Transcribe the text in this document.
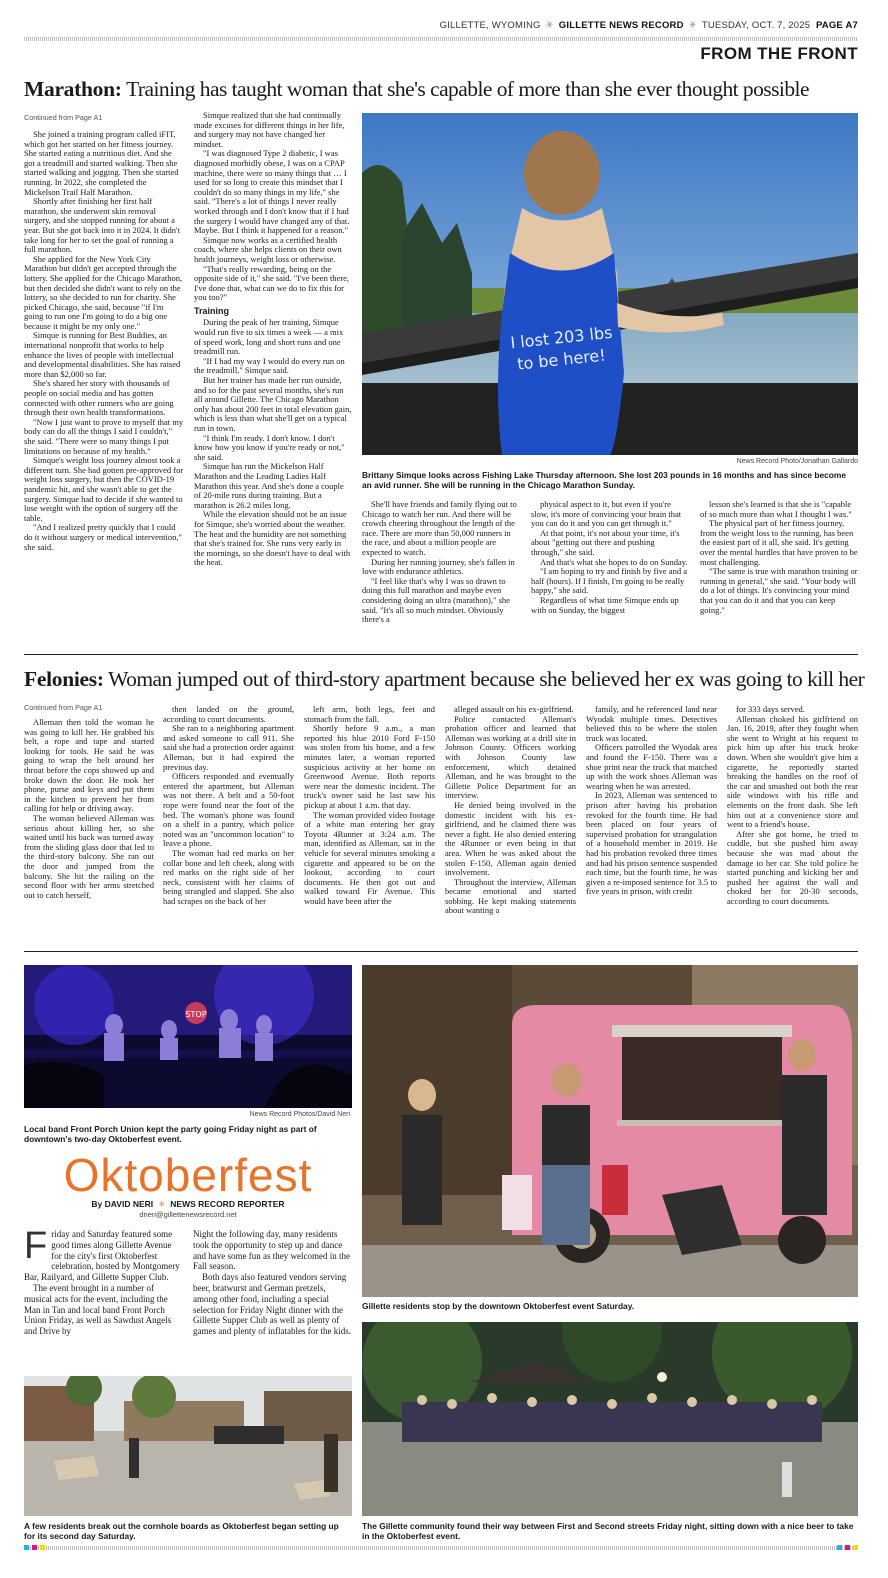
GILLETTE, WYOMING ✳ GILLETTE NEWS RECORD ✳ TUESDAY, OCT. 7, 2025 PAGE A7
FROM THE FRONT
Marathon: Training has taught woman that she's capable of more than she ever thought possible
Continued from Page A1

She joined a training program called iFIT, which got her started on her fitness journey. She started eating a nutritious diet. And she got a treadmill and started walking. Then she started walking and jogging. Then she started running. In 2022, she completed the Mickelson Trail Half Marathon.

Shortly after finishing her first half marathon, she underwent skin removal surgery, and she stopped running for about a year. But she got back into it in 2024. It didn't take long for her to set the goal of running a full marathon.

She applied for the New York City Marathon but didn't get accepted through the lottery. She applied for the Chicago Marathon, but then decided she didn't want to rely on the lottery, so she decided to run for charity. She picked Chicago, she said, because "if I'm going to run one I'm going to do a big one because it might be my only one."

Simque is running for Best Buddies, an international nonprofit that works to help enhance the lives of people with intellectual and developmental disabilities. She has raised more than $2,000 so far.

She's shared her story with thousands of people on social media and has gotten connected with other runners who are going through their own health transformations.

"Now I just want to prove to myself that my body can do all the things I said I couldn't," she said. "There were so many things I put limitations on because of my health."

Simque's weight loss journey almost took a different turn. She had gotten pre-approved for weight loss surgery, but then the COVID-19 pandemic hit, and she wasn't able to get the surgery. Simque had to decide if she wanted to lose weight with the option of surgery off the table.

"And I realized pretty quickly that I could do it without surgery or medical intervention," she said.

Simque realized that she had continually made excuses for different things in her life, and surgery may not have changed her mindset.

"I was diagnosed Type 2 diabetic, I was diagnosed morbidly obese, I was on a CPAP machine, there were so many things that … I used for so long to create this mindset that I couldn't do so many things in my life," she said. "There's a lot of things I never really worked through and I don't know that if I had the surgery I would have changed any of that. Maybe. But I think it happened for a reason."

Simque now works as a certified health coach, where she helps clients on their own health journeys, weight loss or otherwise.

"That's really rewarding, being on the opposite side of it," she said. "I've been there, I've done that, what can we do to fix this for you too?"

Training

During the peak of her training, Simque would run five to six times a week — a mix of speed work, long and short runs and one treadmill run.

"If I had my way I would do every run on the treadmill," Simque said.

But her trainer has made her run outside, and so for the past several months, she's run all around Gillette. The Chicago Marathon only has about 200 feet in total elevation gain, which is less than what she'll get on a typical run in town.

"I think I'm ready. I don't know. I don't know how you know if you're ready or not," she said.

Simque has run the Mickelson Half Marathon and the Leading Ladies Half Marathon this year. And she's done a couple of 20-mile runs during training. But a marathon is 26.2 miles long.

While the elevation should not be an issue for Simque, she's worried about the weather. The heat and the humidity are not something that she's trained for. She runs very early in the mornings, so she doesn't have to deal with the heat.

I lost 203 lbs
to be here!
News Record Photo/Jonathan Gallardo
Brittany Simque looks across Fishing Lake Thursday afternoon. She lost 203 pounds in 16 months and has since become an avid runner. She will be running in the Chicago Marathon Sunday.

She'll have friends and family flying out to Chicago to watch her run. And there will be crowds cheering throughout the length of the race. There are more than 50,000 runners in the race, and about a million people are expected to watch.

During her running journey, she's fallen in love with endurance athletics.

"I feel like that's why I was so drawn to doing this full marathon and maybe even considering doing an ultra (marathon)," she said. "It's all so much mindset. Obviously there's a

physical aspect to it, but even if you're slow, it's more of convincing your brain that you can do it and you can get through it."

At that point, it's not about your time, it's about "getting out there and pushing through," she said.

And that's what she hopes to do on Sunday.

"I am hoping to try and finish by five and a half (hours). If I finish, I'm going to be really happy," she said.

Regardless of what time Simque ends up with on Sunday, the biggest

lesson she's learned is that she is "capable of so much more than what I thought I was."

The physical part of her fitness journey, from the weight loss to the running, has been the easiest part of it all, she said. It's getting over the mental hurdles that have proven to be most challenging.

"The same is true with marathon training or running in general," she said. "Your body will do a lot of things. It's convincing your mind that you can do it and that you can keep going."

Felonies: Woman jumped out of third-story apartment because she believed her ex was going to kill her
Continued from Page A1

Alleman then told the woman he was going to kill her. He grabbed his belt, a rope and tape and started looking for tools. He said he was going to wrap the belt around her throat before the cops showed up and broke down the door. He took her phone, purse and keys and put them in the kitchen to prevent her from calling for help or driving away.

The woman believed Alleman was serious about killing her, so she waited until his back was turned away from the sliding glass door that led to the third-story balcony. She ran out the door and jumped from the balcony. She hit the railing on the second floor with her arms stretched out to catch herself,

then landed on the ground, according to court documents.

She ran to a neighboring apartment and asked someone to call 911. She said she had a protection order against Alleman, but it had expired the previous day.

Officers responded and eventually entered the apartment, but Alleman was not there. A belt and a 50-foot rope were found near the foot of the bed. The woman's phone was found on a shelf in a pantry, which police noted was an "uncommon location" to leave a phone.

The woman had red marks on her collar bone and left cheek, along with red marks on the right side of her neck, consistent with her claims of being strangled and slapped. She also had scrapes on the back of her

left arm, both legs, feet and stomach from the fall.

Shortly before 9 a.m., a man reported his blue 2010 Ford F-150 was stolen from his home, and a few minutes later, a woman reported suspicious activity at her home on Greenwood Avenue. Both reports were near the domestic incident. The truck's owner said he last saw his pickup at about 1 a.m. that day.

The woman provided video footage of a white man entering her gray Toyota 4Runner at 3:24 a.m. The man, identified as Alleman, sat in the vehicle for several minutes smoking a cigarette and appeared to be on the lookout, according to court documents. He then got out and walked toward Fir Avenue. This would have been after the

alleged assault on his ex-girlfriend.

Police contacted Alleman's probation officer and learned that Alleman was working at a drill site in Johnson County. Officers working with Johnson County law enforcement, which detained Alleman, and he was brought to the Gillette Police Department for an interview.

He denied being involved in the domestic incident with his ex-girlfriend, and he claimed there was never a fight. He also denied entering the 4Runner or even being in that area. When he was asked about the stolen F-150, Alleman again denied involvement.

Throughout the interview, Alleman became emotional and started sobbing. He kept making statements about wanting a

family, and he referenced land near Wyodak multiple times. Detectives believed this to be where the stolen truck was located.

Officers patrolled the Wyodak area and found the F-150. There was a shoe print near the truck that matched up with the work shoes Alleman was wearing when he was arrested.

In 2023, Alleman was sentenced to prison after having his probation revoked for the fourth time. He had been placed on four years of supervised probation for strangulation of a household member in 2019. He had his probation revoked three times and had his prison sentence suspended each time, but the fourth time, he was given a re-imposed sentence for 3.5 to five years in prison, with credit

for 333 days served.

Alleman choked his girlfriend on Jan. 16, 2019, after they fought when she went to Wright at his request to pick him up after his truck broke down. When she wouldn't give him a cigarette, he reportedly started breaking the handles on the roof of the car and smashed out both the rear side windows with his rifle and elements on the front dash. She left him out at a convenience store and went to a friend's house.

After she got home, he tried to cuddle, but she pushed him away because she was mad about the damage to her car. She told police he started punching and kicking her and pushed her against the wall and choked her for 20-30 seconds, according to court documents.

STOP
News Record Photos/David Neri
Local band Front Porch Union kept the party going Friday night as part of downtown's two-day Oktoberfest event.
Oktoberfest
By DAVID NERI ✳ NEWS RECORD REPORTER
dneri@gillettenewsrecord.net
F riday and Saturday featured some good times along Gillette Avenue for the city's first Oktoberfest celebration, hosted by Montgomery Bar, Railyard, and Gillette Supper Club.

The event brought in a number of musical acts for the event, including the Man in Tan and local band Front Porch Union Friday, as well as Sawdust Angels and Drive by

Night the following day, many residents took the opportunity to step up and dance and have some fun as they welcomed in the Fall season.

Both days also featured vendors serving beer, bratwurst and German pretzels, among other food, including a special selection for Friday Night dinner with the Gillette Supper Club as well as plenty of games and plenty of inflatables for the kids.

Gillette residents stop by the downtown Oktoberfest event Saturday.
A few residents break out the cornhole boards as Oktoberfest began setting up for its second day Saturday.
The Gillette community found their way between First and Second streets Friday night, sitting down with a nice beer to take in the Oktoberfest event.
